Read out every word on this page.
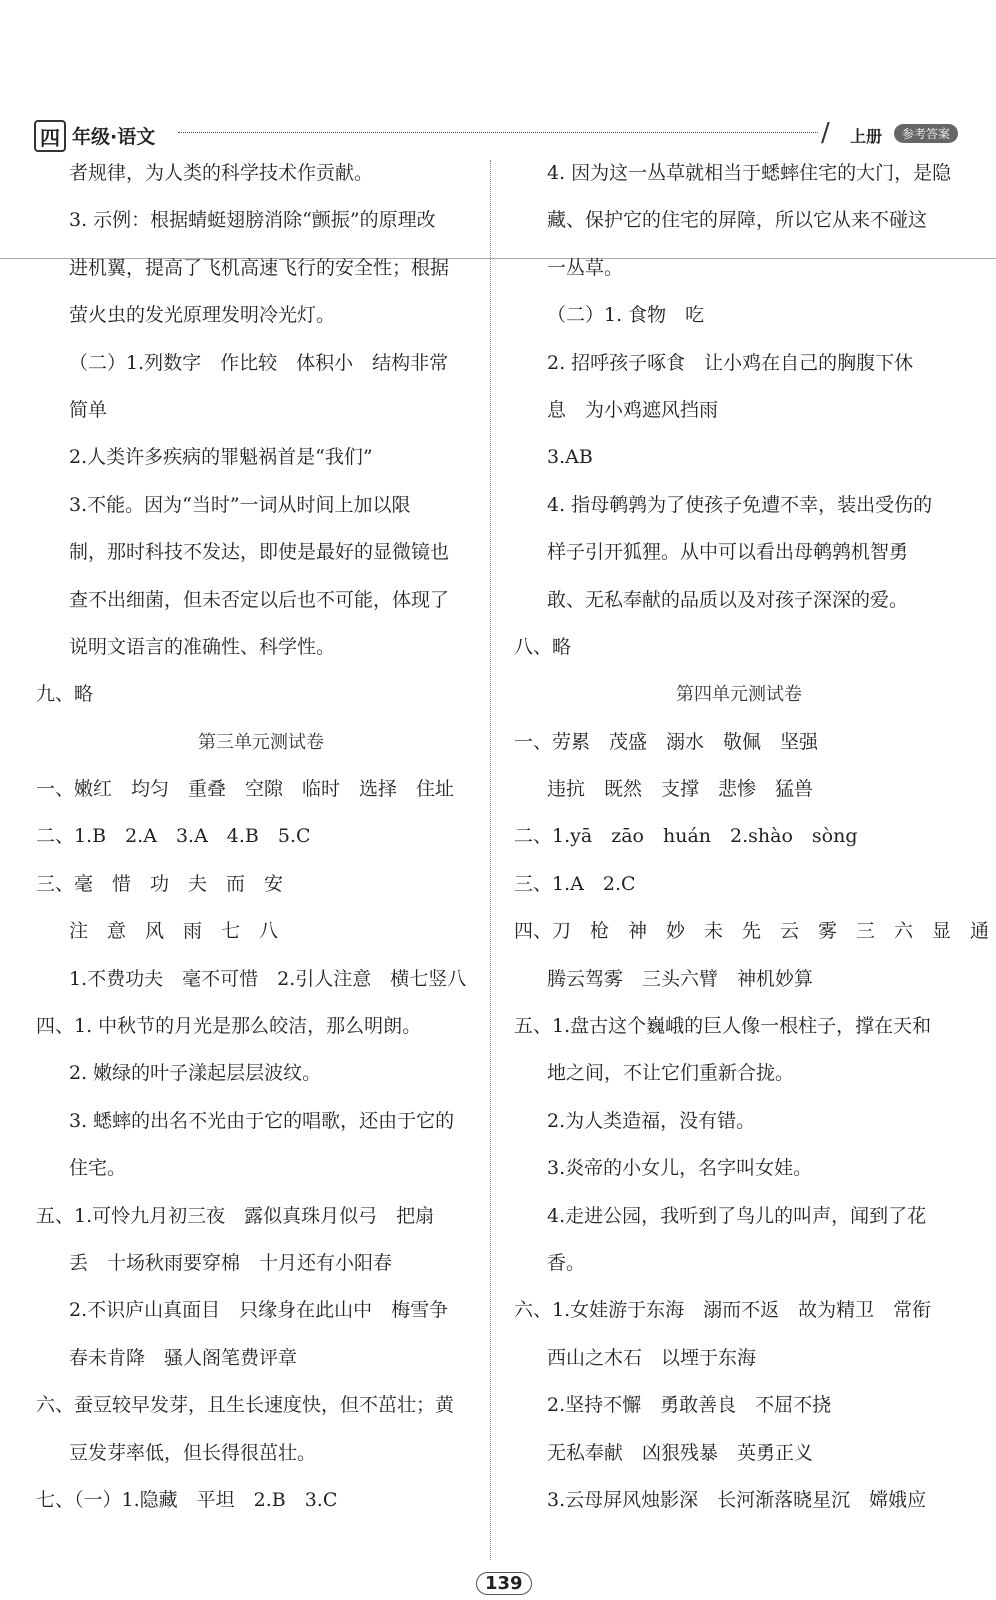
四 年级·语文	/ 上册	参考答案
者规律，为人类的科学技术作贡献。
3. 示例：根据蜻蜓翅膀消除“颤振”的原理改
进机翼，提高了飞机高速飞行的安全性；根据
萤火虫的发光原理发明冷光灯。
（二）1.列数字　作比较　体积小　结构非常
简单
2.人类许多疾病的罪魁祸首是“我们”
3.不能。因为“当时”一词从时间上加以限
制，那时科技不发达，即使是最好的显微镜也
查不出细菌，但未否定以后也不可能，体现了
说明文语言的准确性、科学性。
九、略
第三单元测试卷
一、嫩红　均匀　重叠　空隙　临时　选择　住址
二、1.B　2.A　3.A　4.B　5.C
三、毫　惜　功　夫　而　安
注　意　风　雨　七　八
1.不费功夫　毫不可惜　2.引人注意　横七竖八
四、1. 中秋节的月光是那么皎洁，那么明朗。
2. 嫩绿的叶子漾起层层波纹。
3. 蟋蟀的出名不光由于它的唱歌，还由于它的
住宅。
五、1.可怜九月初三夜　露似真珠月似弓　把扇
丢　十场秋雨要穿棉　十月还有小阳春
2.不识庐山真面目　只缘身在此山中　梅雪争
春未肯降　骚人阁笔费评章
六、蚕豆较早发芽，且生长速度快，但不茁壮；黄
豆发芽率低，但长得很茁壮。
七、（一）1.隐藏　平坦　2.B　3.C
4. 因为这一丛草就相当于蟋蟀住宅的大门，是隐
藏、保护它的住宅的屏障，所以它从来不碰这
一丛草。
（二）1. 食物　吃
2. 招呼孩子啄食　让小鸡在自己的胸腹下休
息　为小鸡遮风挡雨
3.AB
4. 指母鹌鹑为了使孩子免遭不幸，装出受伤的
样子引开狐狸。从中可以看出母鹌鹑机智勇
敢、无私奉献的品质以及对孩子深深的爱。
八、略
第四单元测试卷
一、劳累　茂盛　溺水　敬佩　坚强
违抗　既然　支撑　悲惨　猛兽
二、1.yā　zāo　huán　2.shào　sòng
三、1.A　2.C
四、刀　枪　神　妙　未　先　云　雾　三　六　显　通
腾云驾雾　三头六臂　神机妙算
五、1.盘古这个巍峨的巨人像一根柱子，撑在天和
地之间，不让它们重新合拢。
2.为人类造福，没有错。
3.炎帝的小女儿，名字叫女娃。
4.走进公园，我听到了鸟儿的叫声，闻到了花
香。
六、1.女娃游于东海　溺而不返　故为精卫　常衔
西山之木石　以堙于东海
2.坚持不懈　勇敢善良　不屈不挠
无私奉献　凶狠残暴　英勇正义
3.云母屏风烛影深　长河渐落晓星沉　嫦娥应
139
